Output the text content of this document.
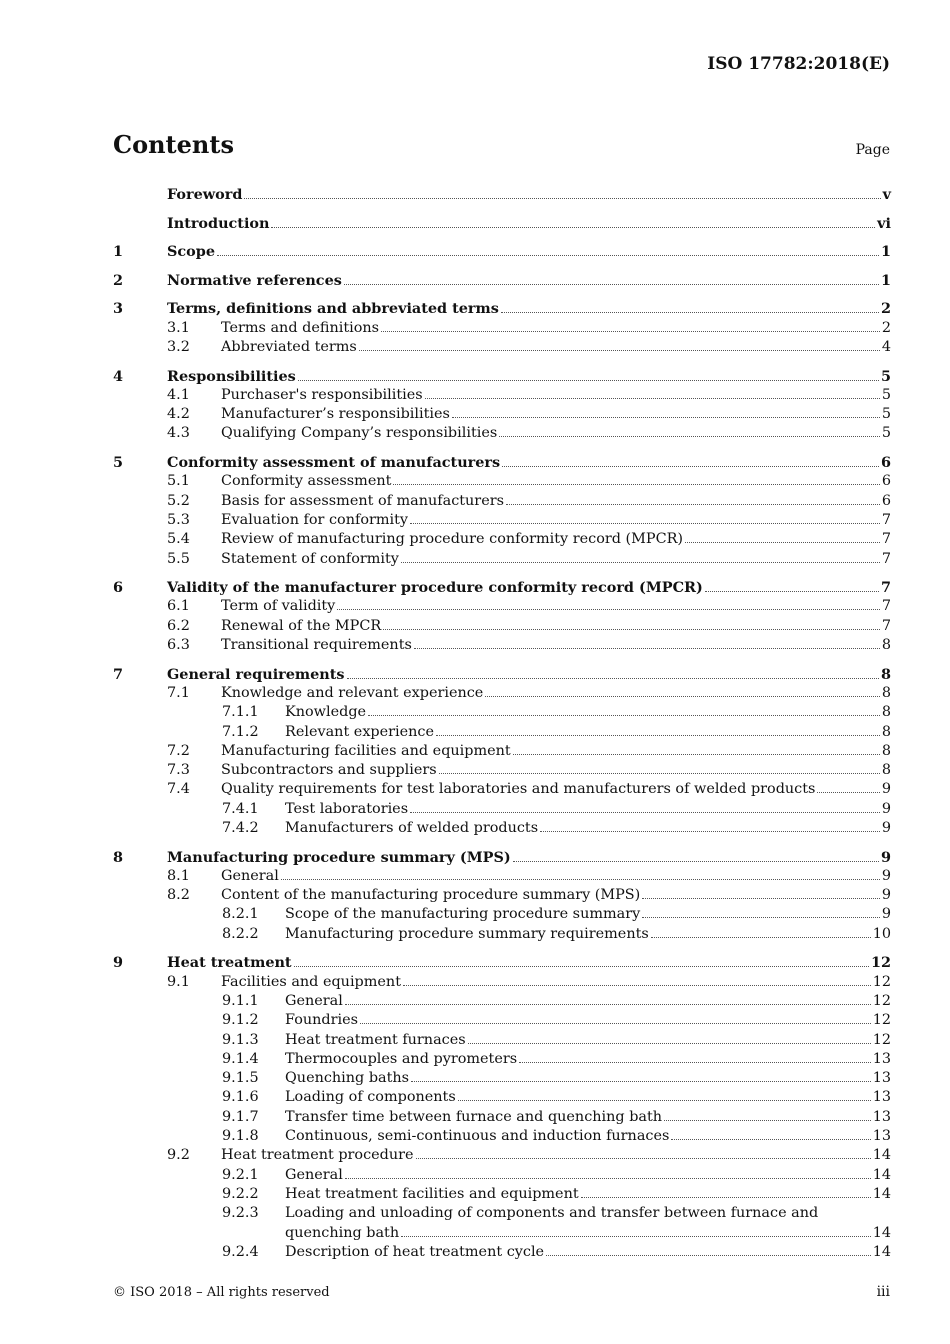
ISO 17782:2018(E)
Contents	Page
Foreword	v
Introduction	vi
1	Scope	1
2	Normative references	1
3	Terms, definitions and abbreviated terms	2
3.1	Terms and definitions	2
3.2	Abbreviated terms	4
4	Responsibilities	5
4.1	Purchaser's responsibilities	5
4.2	Manufacturer’s responsibilities	5
4.3	Qualifying Company’s responsibilities	5
5	Conformity assessment of manufacturers	6
5.1	Conformity assessment	6
5.2	Basis for assessment of manufacturers	6
5.3	Evaluation for conformity	7
5.4	Review of manufacturing procedure conformity record (MPCR)	7
5.5	Statement of conformity	7
6	Validity of the manufacturer procedure conformity record (MPCR)	7
6.1	Term of validity	7
6.2	Renewal of the MPCR	7
6.3	Transitional requirements	8
7	General requirements	8
7.1	Knowledge and relevant experience	8
7.1.1	Knowledge	8
7.1.2	Relevant experience	8
7.2	Manufacturing facilities and equipment	8
7.3	Subcontractors and suppliers	8
7.4	Quality requirements for test laboratories and manufacturers of welded products	9
7.4.1	Test laboratories	9
7.4.2	Manufacturers of welded products	9
8	Manufacturing procedure summary (MPS)	9
8.1	General	9
8.2	Content of the manufacturing procedure summary (MPS)	9
8.2.1	Scope of the manufacturing procedure summary	9
8.2.2	Manufacturing procedure summary requirements	10
9	Heat treatment	12
9.1	Facilities and equipment	12
9.1.1	General	12
9.1.2	Foundries	12
9.1.3	Heat treatment furnaces	12
9.1.4	Thermocouples and pyrometers	13
9.1.5	Quenching baths	13
9.1.6	Loading of components	13
9.1.7	Transfer time between furnace and quenching bath	13
9.1.8	Continuous, semi-continuous and induction furnaces	13
9.2	Heat treatment procedure	14
9.2.1	General	14
9.2.2	Heat treatment facilities and equipment	14
9.2.3	Loading and unloading of components and transfer between furnace and
quenching bath	14
9.2.4	Description of heat treatment cycle	14
© ISO 2018 – All rights reserved	iii
